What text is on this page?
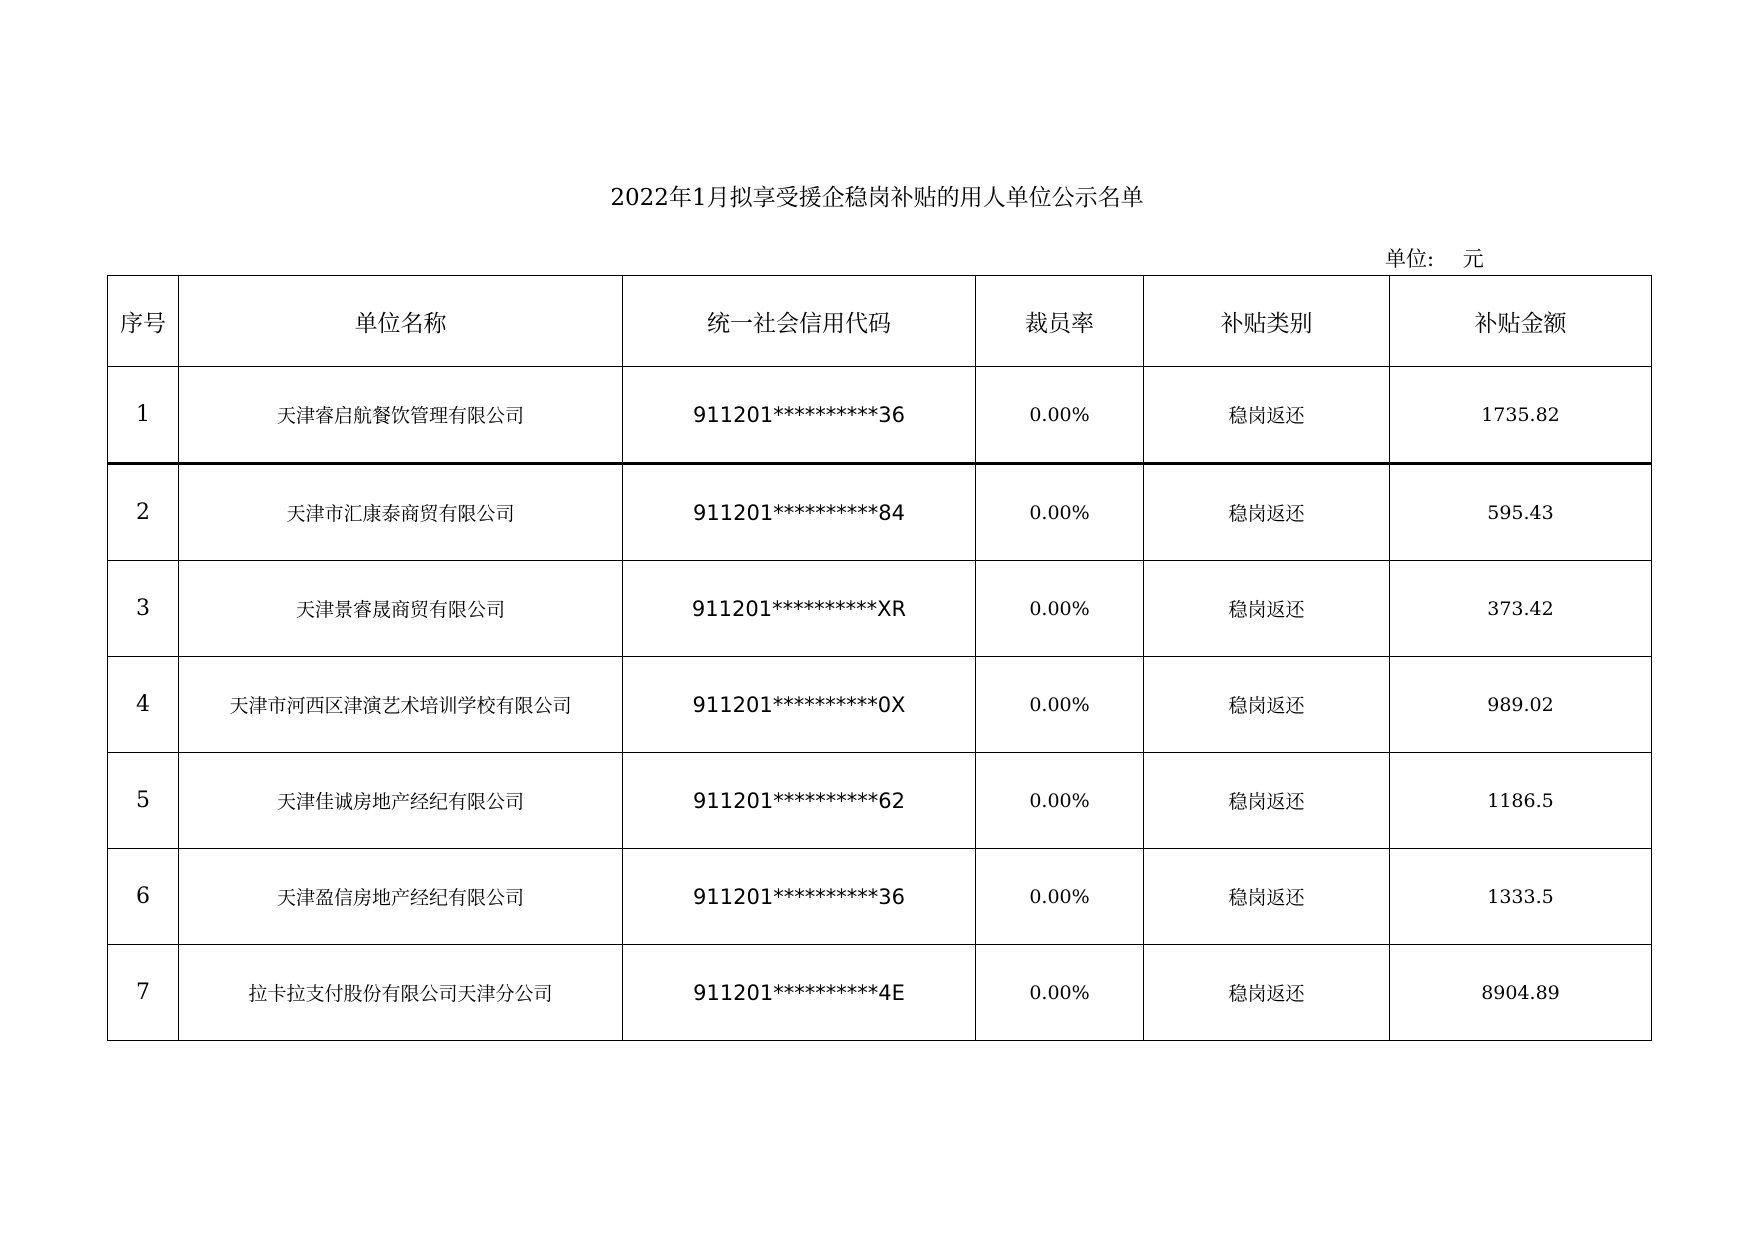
2022年1月拟享受援企稳岗补贴的用人单位公示名单
单位: 元
序号	单位名称	统一社会信用代码	裁员率	补贴类别	补贴金额
1	天津睿启航餐饮管理有限公司	911201**********36	0.00%	稳岗返还	1735.82
2	天津市汇康泰商贸有限公司	911201**********84	0.00%	稳岗返还	595.43
3	天津景睿晟商贸有限公司	911201**********XR	0.00%	稳岗返还	373.42
4	天津市河西区津演艺术培训学校有限公司	911201**********0X	0.00%	稳岗返还	989.02
5	天津佳诚房地产经纪有限公司	911201**********62	0.00%	稳岗返还	1186.5
6	天津盈信房地产经纪有限公司	911201**********36	0.00%	稳岗返还	1333.5
7	拉卡拉支付股份有限公司天津分公司	911201**********4E	0.00%	稳岗返还	8904.89
